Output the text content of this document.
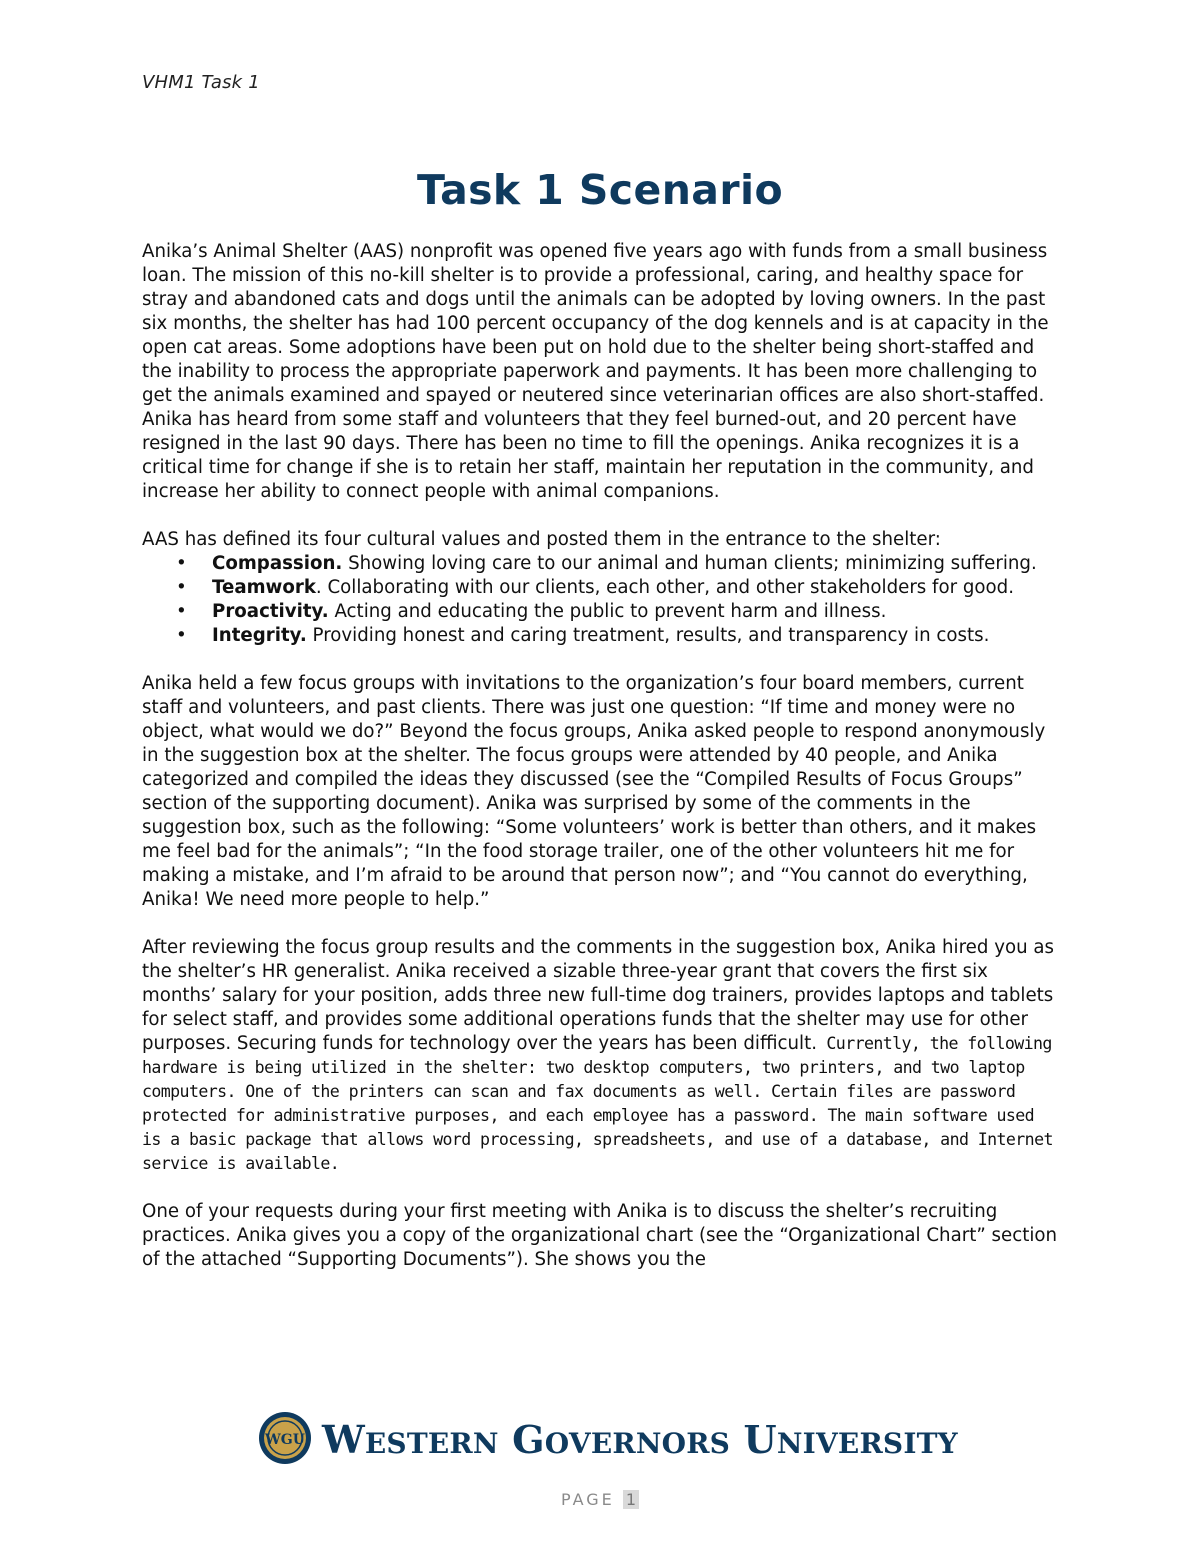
VHM1 Task 1
Task 1 Scenario

Anika’s Animal Shelter (AAS) nonprofit was opened five years ago with funds from a small business loan. The mission of this no-kill shelter is to provide a professional, caring, and healthy space for stray and abandoned cats and dogs until the animals can be adopted by loving owners. In the past six months, the shelter has had 100 percent occupancy of the dog kennels and is at capacity in the open cat areas. Some adoptions have been put on hold due to the shelter being short-staffed and the inability to process the appropriate paperwork and payments. It has been more challenging to get the animals examined and spayed or neutered since veterinarian offices are also short-staffed. Anika has heard from some staff and volunteers that they feel burned-out, and 20 percent have resigned in the last 90 days. There has been no time to fill the openings. Anika recognizes it is a critical time for change if she is to retain her staff, maintain her reputation in the community, and increase her ability to connect people with animal companions.

AAS has defined its four cultural values and posted them in the entrance to the shelter:

• Compassion. Showing loving care to our animal and human clients; minimizing suffering.
• Teamwork. Collaborating with our clients, each other, and other stakeholders for good.
• Proactivity. Acting and educating the public to prevent harm and illness.
• Integrity. Providing honest and caring treatment, results, and transparency in costs.

Anika held a few focus groups with invitations to the organization’s four board members, current staff and volunteers, and past clients. There was just one question: “If time and money were no object, what would we do?” Beyond the focus groups, Anika asked people to respond anonymously in the suggestion box at the shelter. The focus groups were attended by 40 people, and Anika categorized and compiled the ideas they discussed (see the “Compiled Results of Focus Groups” section of the supporting document). Anika was surprised by some of the comments in the suggestion box, such as the following: “Some volunteers’ work is better than others, and it makes me feel bad for the animals”; “In the food storage trailer, one of the other volunteers hit me for making a mistake, and I’m afraid to be around that person now”; and “You cannot do everything, Anika! We need more people to help.”

After reviewing the focus group results and the comments in the suggestion box, Anika hired you as the shelter’s HR generalist. Anika received a sizable three-year grant that covers the first six months’ salary for your position, adds three new full-time dog trainers, provides laptops and tablets for select staff, and provides some additional operations funds that the shelter may use for other purposes. Securing funds for technology over the years has been difficult. Currently, the following hardware is being utilized in the shelter: two desktop computers, two printers, and two laptop computers. One of the printers can scan and fax documents as well. Certain files are password protected for administrative purposes, and each employee has a password. The main software used is a basic package that allows word processing, spreadsheets, and use of a database, and Internet service is available.

One of your requests during your first meeting with Anika is to discuss the shelter’s recruiting practices. Anika gives you a copy of the organizational chart (see the “Organizational Chart” section of the attached “Supporting Documents”). She shows you the

WGU WESTERN GOVERNORS UNIVERSITY
PAGE 1
